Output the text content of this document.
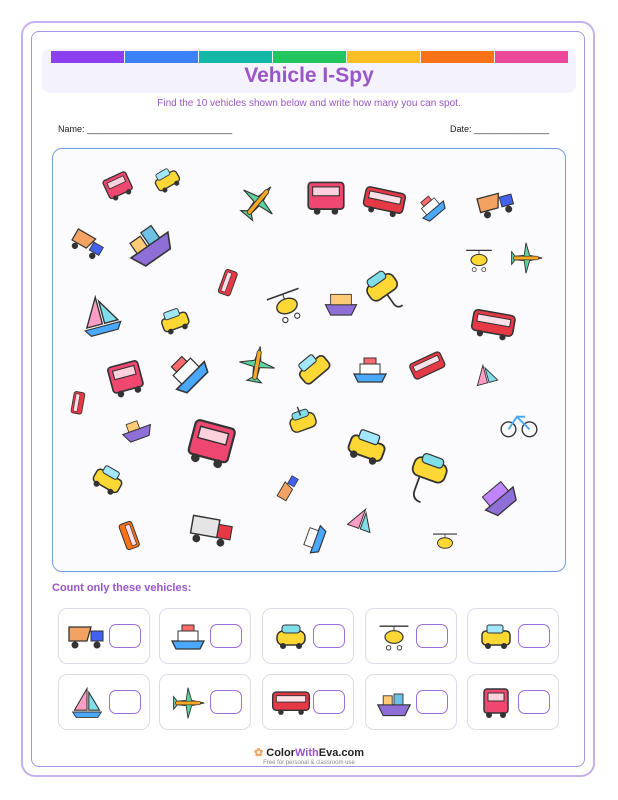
Vehicle I-Spy
Find the 10 vehicles shown below and write how many you can spot.
Name: _____________________________	Date: _______________
Count only these vehicles:
✿ ColorWithEva.com
Free for personal & classroom use
